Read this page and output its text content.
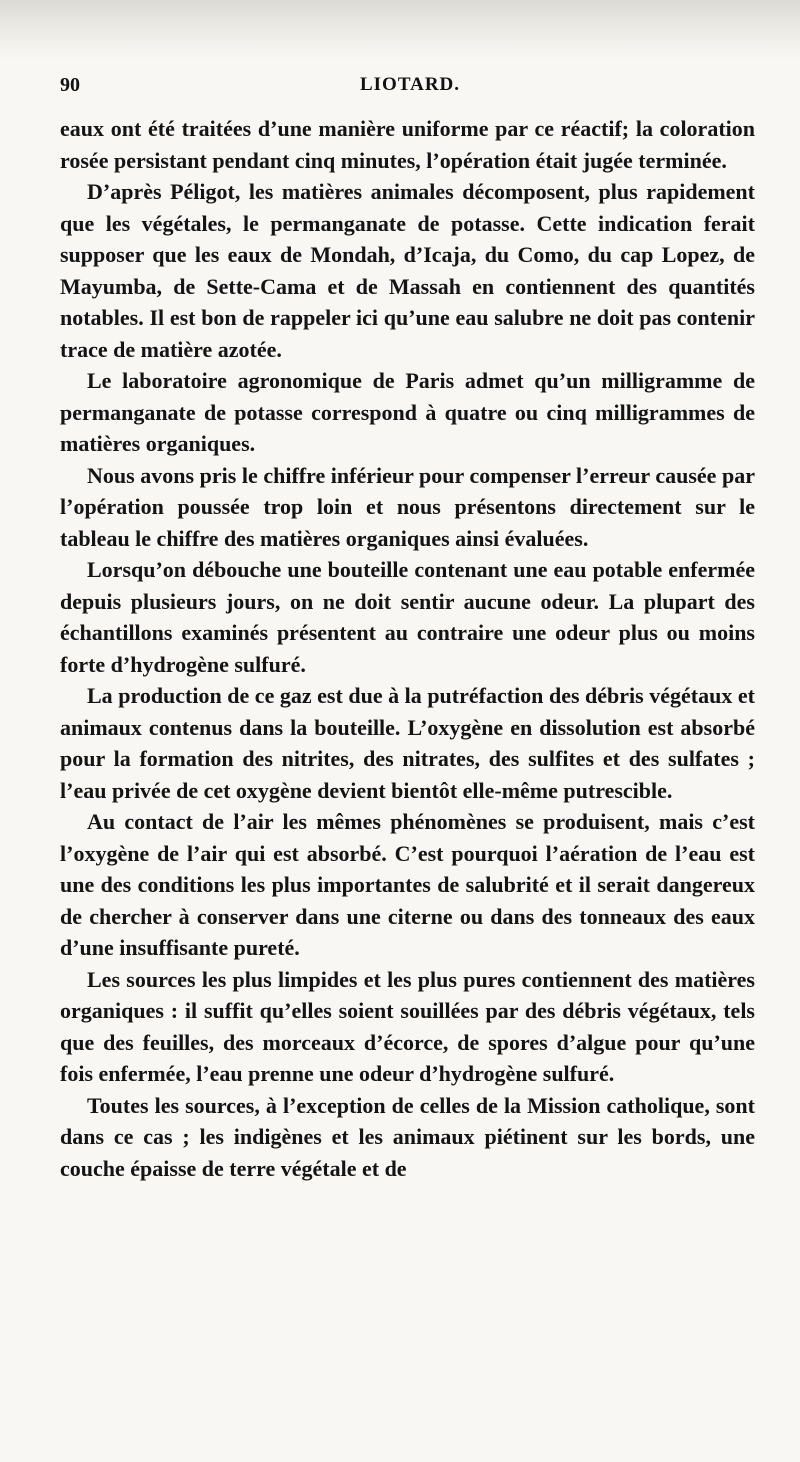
90	LIOTARD.

eaux ont été traitées d’une manière uniforme par ce réactif; la coloration rosée persistant pendant cinq minutes, l’opération était jugée terminée.

D’après Péligot, les matières animales décomposent, plus rapidement que les végétales, le permanganate de potasse. Cette indication ferait supposer que les eaux de Mondah, d’Icaja, du Como, du cap Lopez, de Mayumba, de Sette-Cama et de Massah en contiennent des quantités notables. Il est bon de rappeler ici qu’une eau salubre ne doit pas contenir trace de matière azotée.

Le laboratoire agronomique de Paris admet qu’un milligramme de permanganate de potasse correspond à quatre ou cinq milligrammes de matières organiques.

Nous avons pris le chiffre inférieur pour compenser l’erreur causée par l’opération poussée trop loin et nous présentons directement sur le tableau le chiffre des matières organiques ainsi évaluées.

Lorsqu’on débouche une bouteille contenant une eau potable enfermée depuis plusieurs jours, on ne doit sentir aucune odeur. La plupart des échantillons examinés présentent au contraire une odeur plus ou moins forte d’hydrogène sulfuré.

La production de ce gaz est due à la putréfaction des débris végétaux et animaux contenus dans la bouteille. L’oxygène en dissolution est absorbé pour la formation des nitrites, des nitrates, des sulfites et des sulfates ; l’eau privée de cet oxygène devient bientôt elle-même putrescible.

Au contact de l’air les mêmes phénomènes se produisent, mais c’est l’oxygène de l’air qui est absorbé. C’est pourquoi l’aération de l’eau est une des conditions les plus importantes de salubrité et il serait dangereux de chercher à conserver dans une citerne ou dans des tonneaux des eaux d’une insuffisante pureté.

Les sources les plus limpides et les plus pures contiennent des matières organiques : il suffit qu’elles soient souillées par des débris végétaux, tels que des feuilles, des morceaux d’écorce, de spores d’algue pour qu’une fois enfermée, l’eau prenne une odeur d’hydrogène sulfuré.

Toutes les sources, à l’exception de celles de la Mission catholique, sont dans ce cas ; les indigènes et les animaux piétinent sur les bords, une couche épaisse de terre végétale et de
